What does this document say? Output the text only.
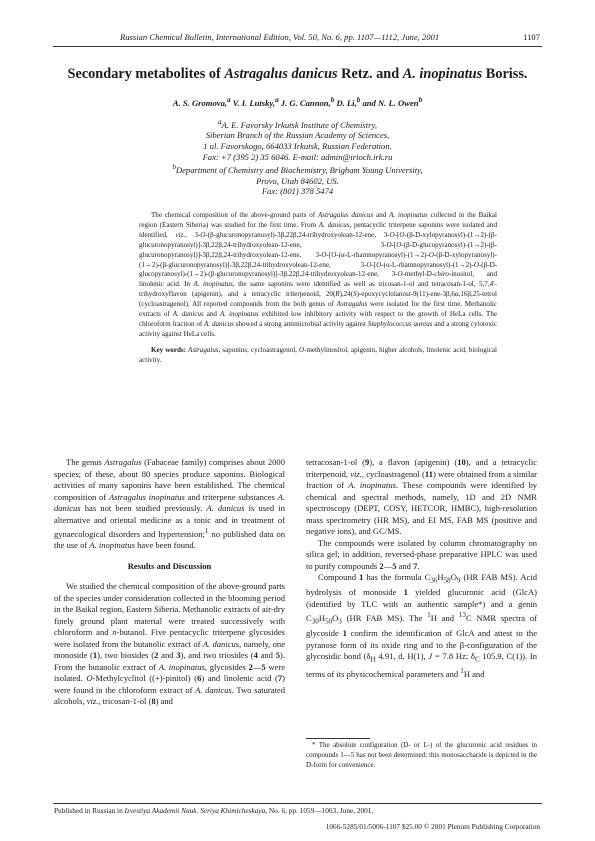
Russian Chemical Bulletin, International Edition, Vol. 50, No. 6, pp. 1107—1112, June, 2001	1107
Secondary metabolites of Astragalus danicus Retz. and A. inopinatus Boriss.
A. S. Gromova,$^a$ V. I. Lutsky,$^a$ J. G. Cannon,$^b$ D. Li,$^b$ and N. L. Owen$^b$
$^a$A. E. Favorsky Irkutsk Institute of Chemistry,
Siberian Branch of the Russian Academy of Sciences,
1 ul. Favorskogo, 664033 Irkutsk, Russian Federation.
Fax: +7 (395 2) 35 6046. E-mail: admin@irioch.irk.ru
$^b$Department of Chemistry and Biochemistry, Brigham Young University,
Provo, Utah 84602, US.
Fax: (801) 378 5474

The chemical composition of the above-ground parts of Astragalus danicus and A. inopinatus collected in the Baikal region (Eastern Siberia) was studied for the first time. From A. danicus, pentacyclic triterpene saponins were isolated and identified, viz., 3-O-(β-glucuronopyranosyl)-3β,22β,24-trihydroxyolean-12-ene, 3-O-[O-(β-D-xylopyranosyl)-(1→2)-(β-glucuronopyranosyl)]-3β,22β,24-trihydroxyolean-12-ene, 3-O-[O-(β-D-glucopyranosyl)-(1→2)-(β-glucuronopyranosyl)]-3β,22β,24-trihydroxyolean-12-ene, 3-O-[O-(α-L-rhamnopyranosyl)-(1→2)-O-(β-D-xylopyranosyl)-(1→2)-(β-glucuronopyranosyl)]-3β,22β,24-trihydroxyolean-12-ene, 3-O-[O-(α-L-rhamnopyranosyl)-(1→2)-O-(β-D-glucopyranosyl)-(1→2)-(β-glucuronopyranosyl)]-3β,22β,24-trihydroxyolean-12-ene, 3-O-methyl-D-chiro-inositol, and linolenic acid. In A. inopinatus, the same saponins were identified as well as tricosan-1-ol and tetracosan-1-ol, 5,7,4′-trihydroxyflavon (apigenin), and a tetracyclic triterpenoid, 20(R),24(S)-epoxycyclolanost-9(11)-ene-3β,6α,16β,25-tetrol (cycloastragenol). All reported compounds from the both genus of Astragalus were isolated for the first time. Methanolic extracts of A. danicus and A. inopinatus exhibited low inhibitory activity with respect to the growth of HeLa cells. The chloroform fraction of A. danicus showed a strong antimicrobial activity against Staphylococcus aureus and a strong cytotoxic activity against HeLa cells.

Key words: Astragalus, saponins, cycloastragenol, O-methylinositol, apigenin, higher alcohols, linolenic acid, biological activity.

The genus Astragalus (Fabaceae family) comprises about 2000 species; of these, about 80 species produce saponins. Biological activities of many saponins have been established. The chemical composition of Astragalus inopinatus and triterpene substances A. danicus has not been studied previously. A. danicus is used in alternative and oriental medicine as a tonic and in treatment of gynaecological disorders and hypertension;$^1$ no published data on the use of A. inopinatus have been found.

Results and Discussion

We studied the chemical composition of the above-ground parts of the species under consideration collected in the blooming period in the Baikal region, Eastern Siberia. Methanolic extracts of air-dry finely ground plant material were treated successively with chloroform and n-butanol. Five pentacyclic triterpene glycosides were isolated from the butanolic extract of A. danicus, namely, one monoside (1), two biosides (2 and 3), and two triosides (4 and 5). From the butanolic extract of A. inopinatus, glycosides 2—5 were isolated. O-Methylcyclitol ((+)-pinitol) (6) and linolenic acid (7) were found in the chloroform extract of A. danicus. Two saturated alcohols, viz., tricosan-1-ol (8) and

tetracosan-1-ol (9), a flavon (apigenin) (10), and a tetracyclic triterpenoid, viz., cycloastragenol (11) were obtained from a similar fraction of A. inopinatus. These compounds were identified by chemical and spectral methods, namely, 1D and 2D NMR spectroscopy (DEPT, COSY, HETCOR, HMBC), high-resolution mass spectrometry (HR MS), and EI MS, FAB MS (positive and negative ions), and GC/MS.

The compounds were isolated by column chromatography on silica gel; in addition, reversed-phase preparative HPLC was used to purify compounds 2—5 and 7.

Compound 1 has the formula $C_{36}H_{58}O_9$ (HR FAB MS). Acid hydrolysis of monoside 1 yielded glucuronic acid (GlcA) (identified by TLC with an authentic sample*) and a genin $C_{30}H_{50}O_3$ (HR FAB MS). The $^1$H and $^{13}$C NMR spectra of glycoside 1 confirm the identification of GlcA and attest to the pyranose form of its oxide ring and to the β-configuration of the glycosidic bond ($\delta_H$ 4.91, d, H(1), J = 7.8 Hz; $\delta_C$ 105.9, C(1)). In terms of its physicochemical parameters and $^1$H and

* The absolute configuration (D- or L-) of the glucuronic acid residues in compounds 1—5 has not been determined; this monosaccharide is depicted in the D-form for convenience.

Published in Russian in Izvestiya Akademii Nauk. Seriya Khimicheskaya, No. 6, pp. 1059—1063, June, 2001.
1066-5285/01/5006-1107 $25.00 © 2001 Plenum Publishing Corporation
